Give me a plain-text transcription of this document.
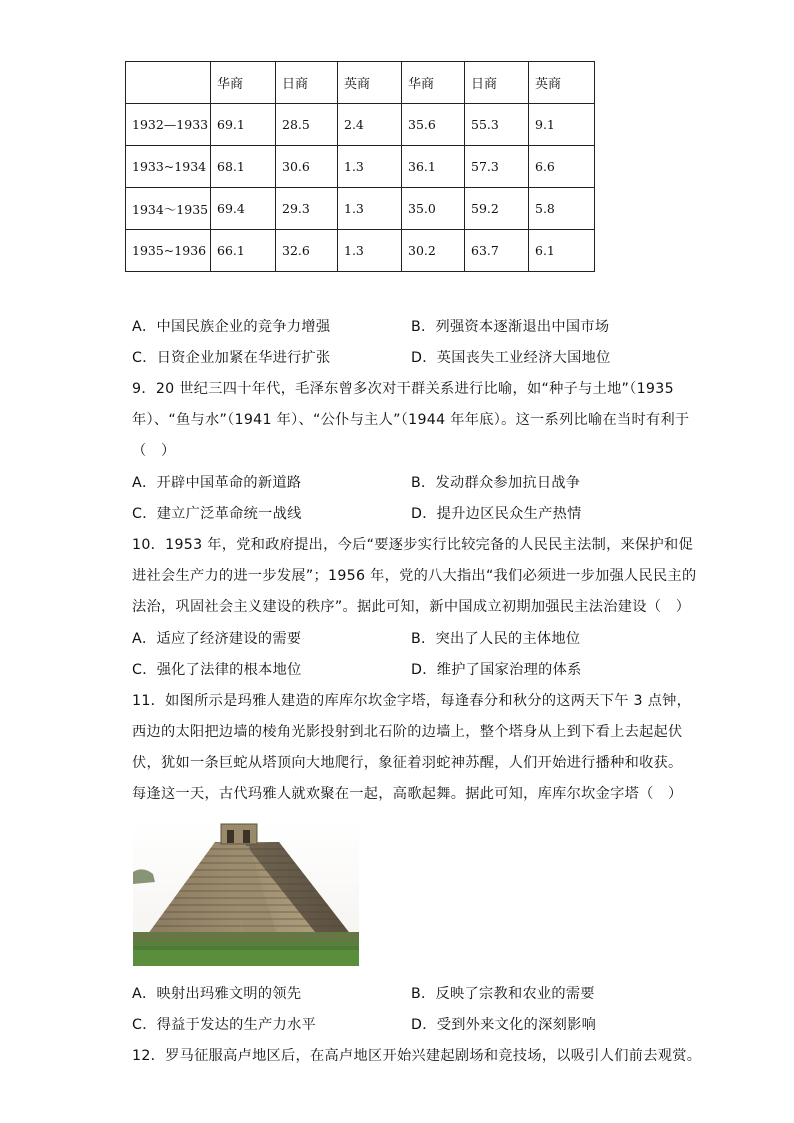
	华商	日商	英商	华商	日商	英商
1932—1933	69.1	28.5	2.4	35.6	55.3	9.1
1933~1934	68.1	30.6	1.3	36.1	57.3	6.6
1934～1935	69.4	29.3	1.3	35.0	59.2	5.8
1935~1936	66.1	32.6	1.3	30.2	63.7	6.1
A．中国民族企业的竞争力增强	B．列强资本逐渐退出中国市场
C．日资企业加紧在华进行扩张	D．英国丧失工业经济大国地位
9．20 世纪三四十年代，毛泽东曾多次对干群关系进行比喻，如“种子与土地”（1935
年）、“鱼与水”（1941 年）、“公仆与主人”（1944 年年底）。这一系列比喻在当时有利于
（　）
A．开辟中国革命的新道路	B．发动群众参加抗日战争
C．建立广泛革命统一战线	D．提升边区民众生产热情
10．1953 年，党和政府提出，今后“要逐步实行比较完备的人民民主法制，来保护和促
进社会生产力的进一步发展”；1956 年，党的八大指出“我们必须进一步加强人民民主的
法治，巩固社会主义建设的秩序”。据此可知，新中国成立初期加强民主法治建设（　）
A．适应了经济建设的需要	B．突出了人民的主体地位
C．强化了法律的根本地位	D．维护了国家治理的体系
11．如图所示是玛雅人建造的库库尔坎金字塔，每逢春分和秋分的这两天下午 3 点钟，
西边的太阳把边墙的棱角光影投射到北石阶的边墙上，整个塔身从上到下看上去起起伏
伏，犹如一条巨蛇从塔顶向大地爬行，象征着羽蛇神苏醒，人们开始进行播种和收获。
每逢这一天，古代玛雅人就欢聚在一起，高歌起舞。据此可知，库库尔坎金字塔（　）
A．映射出玛雅文明的领先	B．反映了宗教和农业的需要
C．得益于发达的生产力水平	D．受到外来文化的深刻影响
12．罗马征服高卢地区后，在高卢地区开始兴建起剧场和竞技场，以吸引人们前去观赏。
